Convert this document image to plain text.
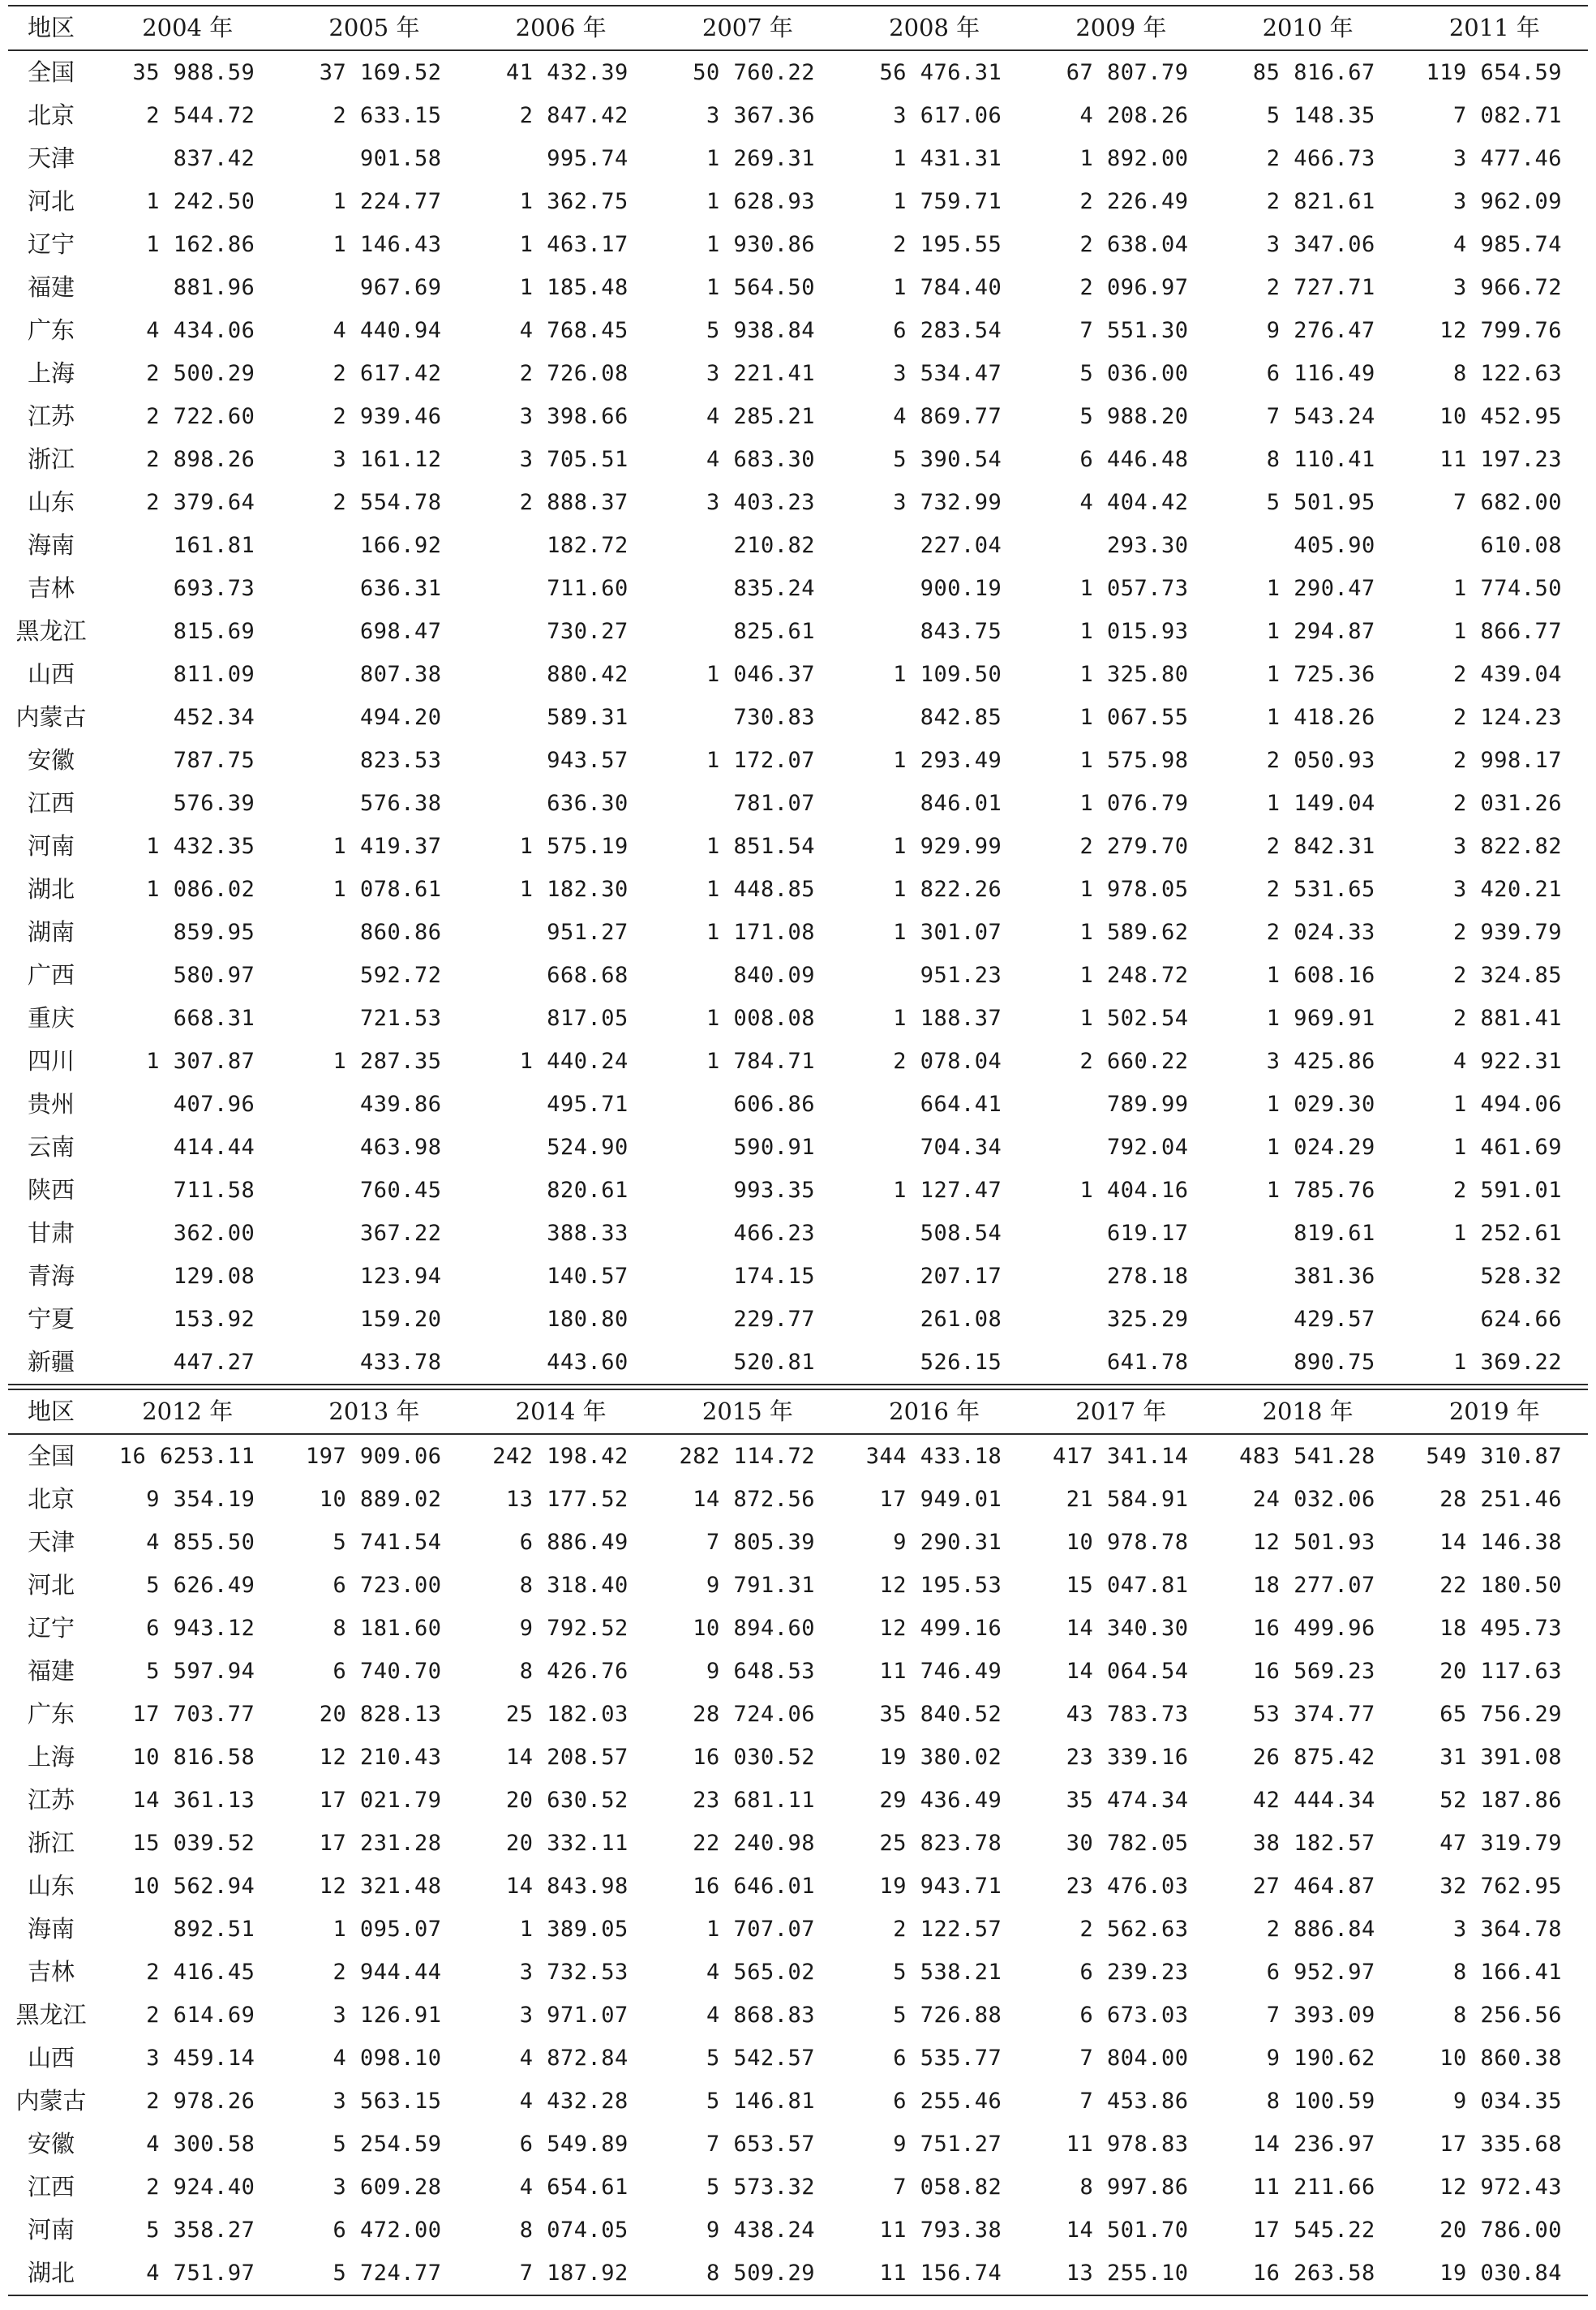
地区	2004 年	2005 年	2006 年	2007 年	2008 年	2009 年	2010 年	2011 年
全国	35 988.59	37 169.52	41 432.39	50 760.22	56 476.31	67 807.79	85 816.67	119 654.59
北京	2 544.72	2 633.15	2 847.42	3 367.36	3 617.06	4 208.26	5 148.35	7 082.71
天津	837.42	901.58	995.74	1 269.31	1 431.31	1 892.00	2 466.73	3 477.46
河北	1 242.50	1 224.77	1 362.75	1 628.93	1 759.71	2 226.49	2 821.61	3 962.09
辽宁	1 162.86	1 146.43	1 463.17	1 930.86	2 195.55	2 638.04	3 347.06	4 985.74
福建	881.96	967.69	1 185.48	1 564.50	1 784.40	2 096.97	2 727.71	3 966.72
广东	4 434.06	4 440.94	4 768.45	5 938.84	6 283.54	7 551.30	9 276.47	12 799.76
上海	2 500.29	2 617.42	2 726.08	3 221.41	3 534.47	5 036.00	6 116.49	8 122.63
江苏	2 722.60	2 939.46	3 398.66	4 285.21	4 869.77	5 988.20	7 543.24	10 452.95
浙江	2 898.26	3 161.12	3 705.51	4 683.30	5 390.54	6 446.48	8 110.41	11 197.23
山东	2 379.64	2 554.78	2 888.37	3 403.23	3 732.99	4 404.42	5 501.95	7 682.00
海南	161.81	166.92	182.72	210.82	227.04	293.30	405.90	610.08
吉林	693.73	636.31	711.60	835.24	900.19	1 057.73	1 290.47	1 774.50
黑龙江	815.69	698.47	730.27	825.61	843.75	1 015.93	1 294.87	1 866.77
山西	811.09	807.38	880.42	1 046.37	1 109.50	1 325.80	1 725.36	2 439.04
内蒙古	452.34	494.20	589.31	730.83	842.85	1 067.55	1 418.26	2 124.23
安徽	787.75	823.53	943.57	1 172.07	1 293.49	1 575.98	2 050.93	2 998.17
江西	576.39	576.38	636.30	781.07	846.01	1 076.79	1 149.04	2 031.26
河南	1 432.35	1 419.37	1 575.19	1 851.54	1 929.99	2 279.70	2 842.31	3 822.82
湖北	1 086.02	1 078.61	1 182.30	1 448.85	1 822.26	1 978.05	2 531.65	3 420.21
湖南	859.95	860.86	951.27	1 171.08	1 301.07	1 589.62	2 024.33	2 939.79
广西	580.97	592.72	668.68	840.09	951.23	1 248.72	1 608.16	2 324.85
重庆	668.31	721.53	817.05	1 008.08	1 188.37	1 502.54	1 969.91	2 881.41
四川	1 307.87	1 287.35	1 440.24	1 784.71	2 078.04	2 660.22	3 425.86	4 922.31
贵州	407.96	439.86	495.71	606.86	664.41	789.99	1 029.30	1 494.06
云南	414.44	463.98	524.90	590.91	704.34	792.04	1 024.29	1 461.69
陕西	711.58	760.45	820.61	993.35	1 127.47	1 404.16	1 785.76	2 591.01
甘肃	362.00	367.22	388.33	466.23	508.54	619.17	819.61	1 252.61
青海	129.08	123.94	140.57	174.15	207.17	278.18	381.36	528.32
宁夏	153.92	159.20	180.80	229.77	261.08	325.29	429.57	624.66
新疆	447.27	433.78	443.60	520.81	526.15	641.78	890.75	1 369.22
地区	2012 年	2013 年	2014 年	2015 年	2016 年	2017 年	2018 年	2019 年
全国	16 6253.11	197 909.06	242 198.42	282 114.72	344 433.18	417 341.14	483 541.28	549 310.87
北京	9 354.19	10 889.02	13 177.52	14 872.56	17 949.01	21 584.91	24 032.06	28 251.46
天津	4 855.50	5 741.54	6 886.49	7 805.39	9 290.31	10 978.78	12 501.93	14 146.38
河北	5 626.49	6 723.00	8 318.40	9 791.31	12 195.53	15 047.81	18 277.07	22 180.50
辽宁	6 943.12	8 181.60	9 792.52	10 894.60	12 499.16	14 340.30	16 499.96	18 495.73
福建	5 597.94	6 740.70	8 426.76	9 648.53	11 746.49	14 064.54	16 569.23	20 117.63
广东	17 703.77	20 828.13	25 182.03	28 724.06	35 840.52	43 783.73	53 374.77	65 756.29
上海	10 816.58	12 210.43	14 208.57	16 030.52	19 380.02	23 339.16	26 875.42	31 391.08
江苏	14 361.13	17 021.79	20 630.52	23 681.11	29 436.49	35 474.34	42 444.34	52 187.86
浙江	15 039.52	17 231.28	20 332.11	22 240.98	25 823.78	30 782.05	38 182.57	47 319.79
山东	10 562.94	12 321.48	14 843.98	16 646.01	19 943.71	23 476.03	27 464.87	32 762.95
海南	892.51	1 095.07	1 389.05	1 707.07	2 122.57	2 562.63	2 886.84	3 364.78
吉林	2 416.45	2 944.44	3 732.53	4 565.02	5 538.21	6 239.23	6 952.97	8 166.41
黑龙江	2 614.69	3 126.91	3 971.07	4 868.83	5 726.88	6 673.03	7 393.09	8 256.56
山西	3 459.14	4 098.10	4 872.84	5 542.57	6 535.77	7 804.00	9 190.62	10 860.38
内蒙古	2 978.26	3 563.15	4 432.28	5 146.81	6 255.46	7 453.86	8 100.59	9 034.35
安徽	4 300.58	5 254.59	6 549.89	7 653.57	9 751.27	11 978.83	14 236.97	17 335.68
江西	2 924.40	3 609.28	4 654.61	5 573.32	7 058.82	8 997.86	11 211.66	12 972.43
河南	5 358.27	6 472.00	8 074.05	9 438.24	11 793.38	14 501.70	17 545.22	20 786.00
湖北	4 751.97	5 724.77	7 187.92	8 509.29	11 156.74	13 255.10	16 263.58	19 030.84
